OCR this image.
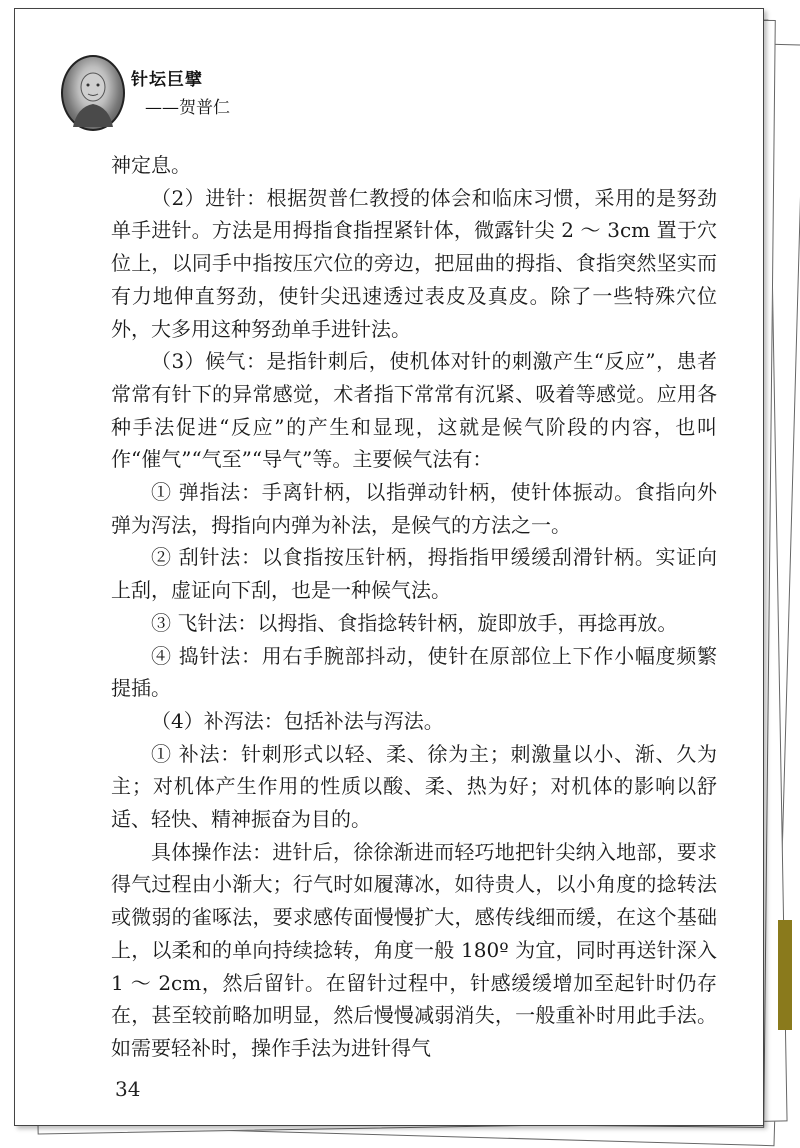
针坛巨擘
——贺普仁

神定息。

（2）进针：根据贺普仁教授的体会和临床习惯，采用的是努劲单手进针。方法是用拇指食指捏紧针体，微露针尖 2 ～ 3cm 置于穴位上，以同手中指按压穴位的旁边，把屈曲的拇指、食指突然坚实而有力地伸直努劲，使针尖迅速透过表皮及真皮。除了一些特殊穴位外，大多用这种努劲单手进针法。

（3）候气：是指针刺后，使机体对针的刺激产生“反应”，患者常常有针下的异常感觉，术者指下常常有沉紧、吸着等感觉。应用各种手法促进“反应”的产生和显现，这就是候气阶段的内容，也叫作“催气”“气至”“导气”等。主要候气法有：

① 弹指法：手离针柄，以指弹动针柄，使针体振动。食指向外弹为泻法，拇指向内弹为补法，是候气的方法之一。

② 刮针法：以食指按压针柄，拇指指甲缓缓刮滑针柄。实证向上刮，虚证向下刮，也是一种候气法。

③ 飞针法：以拇指、食指捻转针柄，旋即放手，再捻再放。

④ 捣针法：用右手腕部抖动，使针在原部位上下作小幅度频繁提插。

（4）补泻法：包括补法与泻法。

① 补法：针刺形式以轻、柔、徐为主；刺激量以小、渐、久为主；对机体产生作用的性质以酸、柔、热为好；对机体的影响以舒适、轻快、精神振奋为目的。

具体操作法：进针后，徐徐渐进而轻巧地把针尖纳入地部，要求得气过程由小渐大；行气时如履薄冰，如待贵人，以小角度的捻转法或微弱的雀啄法，要求感传面慢慢扩大，感传线细而缓，在这个基础上，以柔和的单向持续捻转，角度一般 180º 为宜，同时再送针深入 1 ～ 2cm，然后留针。在留针过程中，针感缓缓增加至起针时仍存在，甚至较前略加明显，然后慢慢减弱消失，一般重补时用此手法。如需要轻补时，操作手法为进针得气

34
